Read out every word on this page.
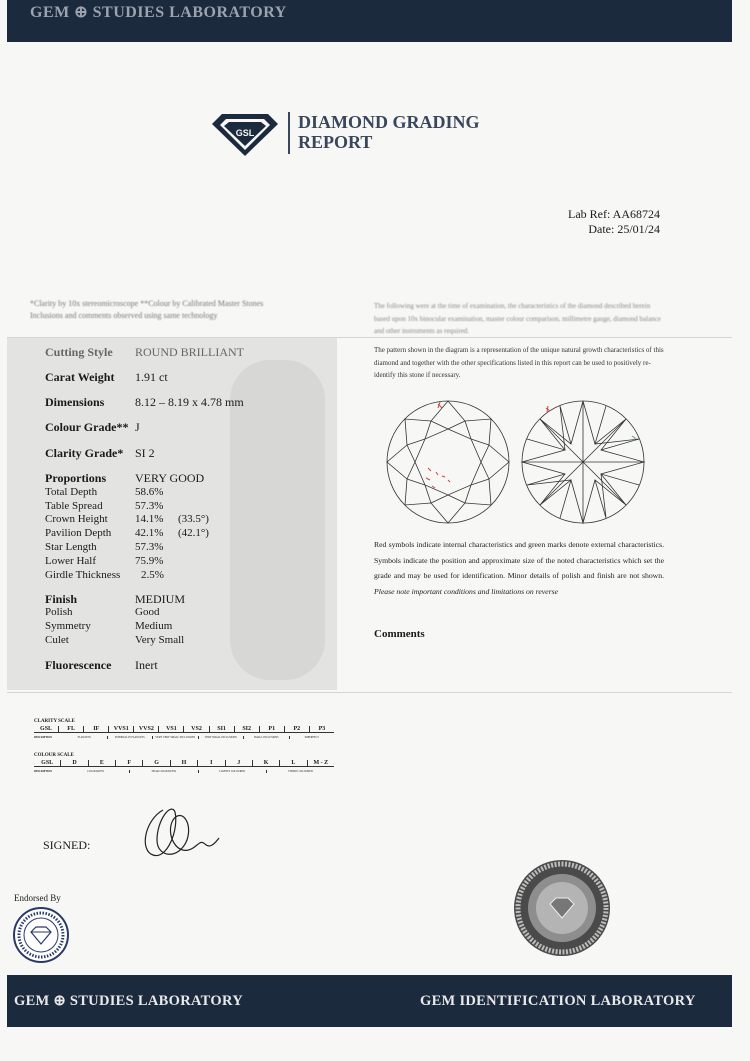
GEM ⊕ STUDIES LABORATORY
GSL
DIAMOND GRADING
REPORT
Lab Ref: AA68724
Date: 25/01/24
*Clarity by 10x stereomicroscope **Colour by Calibrated Master Stones
Inclusions and comments observed using same technology
The following were at the time of examination, the characteristics of the diamond described herein based upon 10x binocular examination, master colour comparison, millimetre gauge, diamond balance and other instruments as required.
The pattern shown in the diagram is a representation of the unique natural growth characteristics of this diamond and together with the other specifications listed in this report can be used to positively re-identify this stone if necessary.
Cutting Style ROUND BRILLIANT
Carat Weight 1.91 ct
Dimensions	8.12 – 8.19 x 4.78 mm
Colour Grade** J
Clarity Grade* SI 2
Proportions VERY GOOD
Total Depth	58.6%
Table Spread	57.3%
Crown Height 14.1% (33.5°)
Pavilion Depth 42.1% (42.1°)
Star Length	57.3%
Lower Half	75.9%
Girdle Thickness 2.5%
Finish	MEDIUM
Polish	Good
Symmetry	Medium
Culet	Very Small
Fluorescence Inert
Red symbols indicate internal characteristics and green marks denote external characteristics. Symbols indicate the position and approximate size of the noted characteristics which set the grade and may be used for identification. Minor details of polish and finish are not shown. Please note important conditions and limitations on reverse
Comments
CLARITY SCALE
GSL	FL	IF	VVS1	VVS2	VS1	VS2	SI1	SI2	P1	P2	P3
DESCRIPTION	FLAWLESS	INTERNALLY FLAWLESS	VERY VERY SMALL INCLUSIONS	VERY SMALL INCLUSIONS	SMALL INCLUSIONS	IMPERFECT
COLOUR SCALE
GSL	D	E	F	G	H	I	J	K	L	M - Z
DESCRIPTION	COLOURLESS	NEAR COLOURLESS	LIGHTLY COLOURED	VISIBLY COLOURED
SIGNED:
Endorsed By
GEM ⊕ STUDIES LABORATORY	GEM IDENTIFICATION LABORATORY
